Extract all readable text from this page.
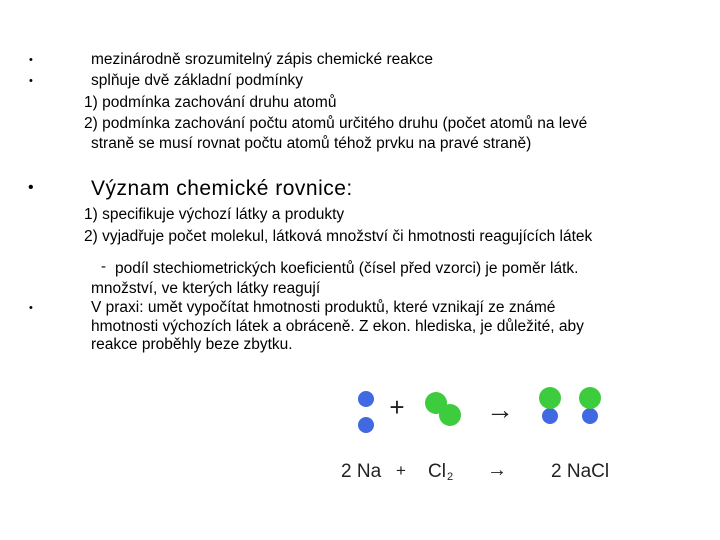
•	mezinárodně srozumitelný zápis chemické reakce
•	splňuje dvě základní podmínky
1) podmínka zachování druhu atomů
2) podmínka zachování počtu atomů určitého druhu (počet atomů na levé
straně se musí rovnat počtu atomů téhož prvku na pravé straně)
•	Význam chemické rovnice:
1) specifikuje výchozí látky a produkty
2) vyjadřuje počet molekul, látková množství či hmotnosti reagujících látek
- podíl stechiometrických koeficientů (čísel před vzorci) je poměr látk.
množství, ve kterých látky reagují
•	V praxi: umět vypočítat hmotnosti produktů, které vznikají ze známé
hmotnosti výchozích látek a obráceně. Z ekon. hlediska, je důležité, aby
reakce proběhly beze zbytku.
+	→
2 Na + Cl 2 → 2 NaCl
